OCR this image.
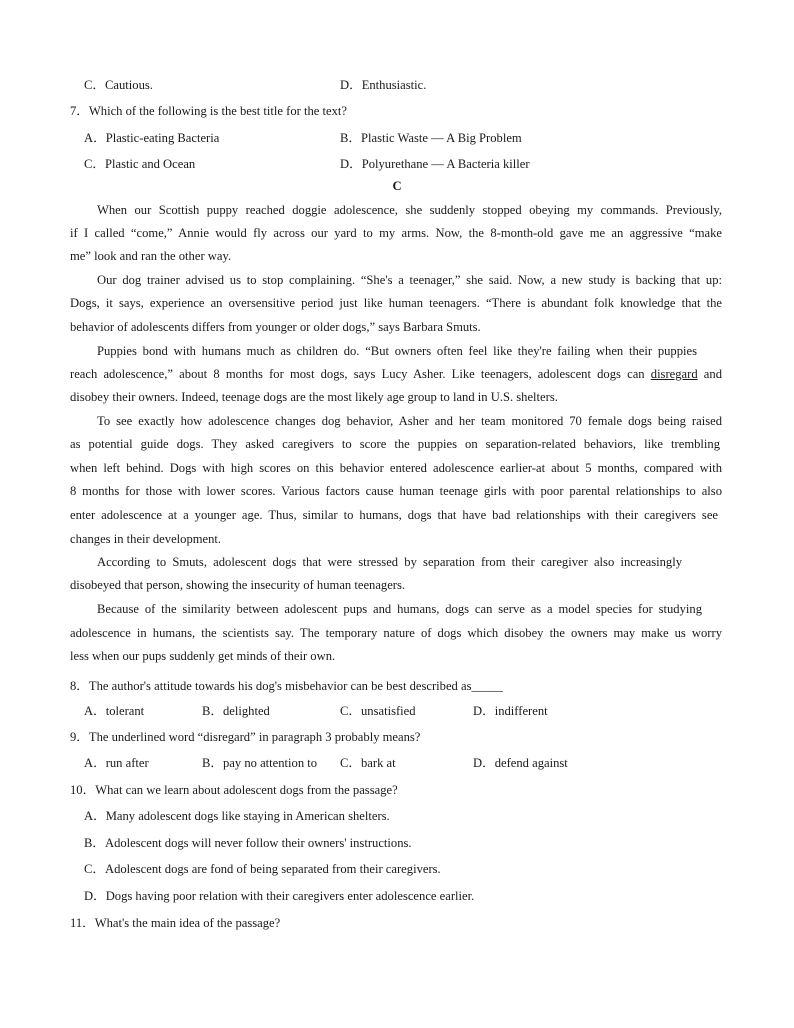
C．Cautious.	D．Enthusiastic.
7．Which of the following is the best title for the text?
A．Plastic-eating Bacteria	B．Plastic Waste — A Big Problem
C．Plastic and Ocean	D．Polyurethane — A Bacteria killer
C
When our Scottish puppy reached doggie adolescence, she suddenly stopped obeying my commands. Previously,
if I called “come,” Annie would fly across our yard to my arms. Now, the 8-month-old gave me an aggressive “make
me” look and ran the other way.
Our dog trainer advised us to stop complaining. “She's a teenager,” she said. Now, a new study is backing that up:
Dogs, it says, experience an oversensitive period just like human teenagers. “There is abundant folk knowledge that the
behavior of adolescents differs from younger or older dogs,” says Barbara Smuts.
Puppies bond with humans much as children do. “But owners often feel like they're failing when their puppies
reach adolescence,” about 8 months for most dogs, says Lucy Asher. Like teenagers, adolescent dogs can disregard and
disobey their owners. Indeed, teenage dogs are the most likely age group to land in U.S. shelters.
To see exactly how adolescence changes dog behavior, Asher and her team monitored 70 female dogs being raised
as potential guide dogs. They asked caregivers to score the puppies on separation-related behaviors, like trembling
when left behind. Dogs with high scores on this behavior entered adolescence earlier-at about 5 months, compared with
8 months for those with lower scores. Various factors cause human teenage girls with poor parental relationships to also
enter adolescence at a younger age. Thus, similar to humans, dogs that have bad relationships with their caregivers see
changes in their development.
According to Smuts, adolescent dogs that were stressed by separation from their caregiver also increasingly
disobeyed that person, showing the insecurity of human teenagers.
Because of the similarity between adolescent pups and humans, dogs can serve as a model species for studying
adolescence in humans, the scientists say. The temporary nature of dogs which disobey the owners may make us worry
less when our pups suddenly get minds of their own.
8．The author's attitude towards his dog's misbehavior can be best described as_____
A．tolerant	B．delighted	C．unsatisfied	D．indifferent
9．The underlined word “disregard” in paragraph 3 probably means?
A．run after	B．pay no attention to C．bark at	D．defend against
10．What can we learn about adolescent dogs from the passage?
A．Many adolescent dogs like staying in American shelters.
B．Adolescent dogs will never follow their owners' instructions.
C．Adolescent dogs are fond of being separated from their caregivers.
D．Dogs having poor relation with their caregivers enter adolescence earlier.
11．What's the main idea of the passage?
